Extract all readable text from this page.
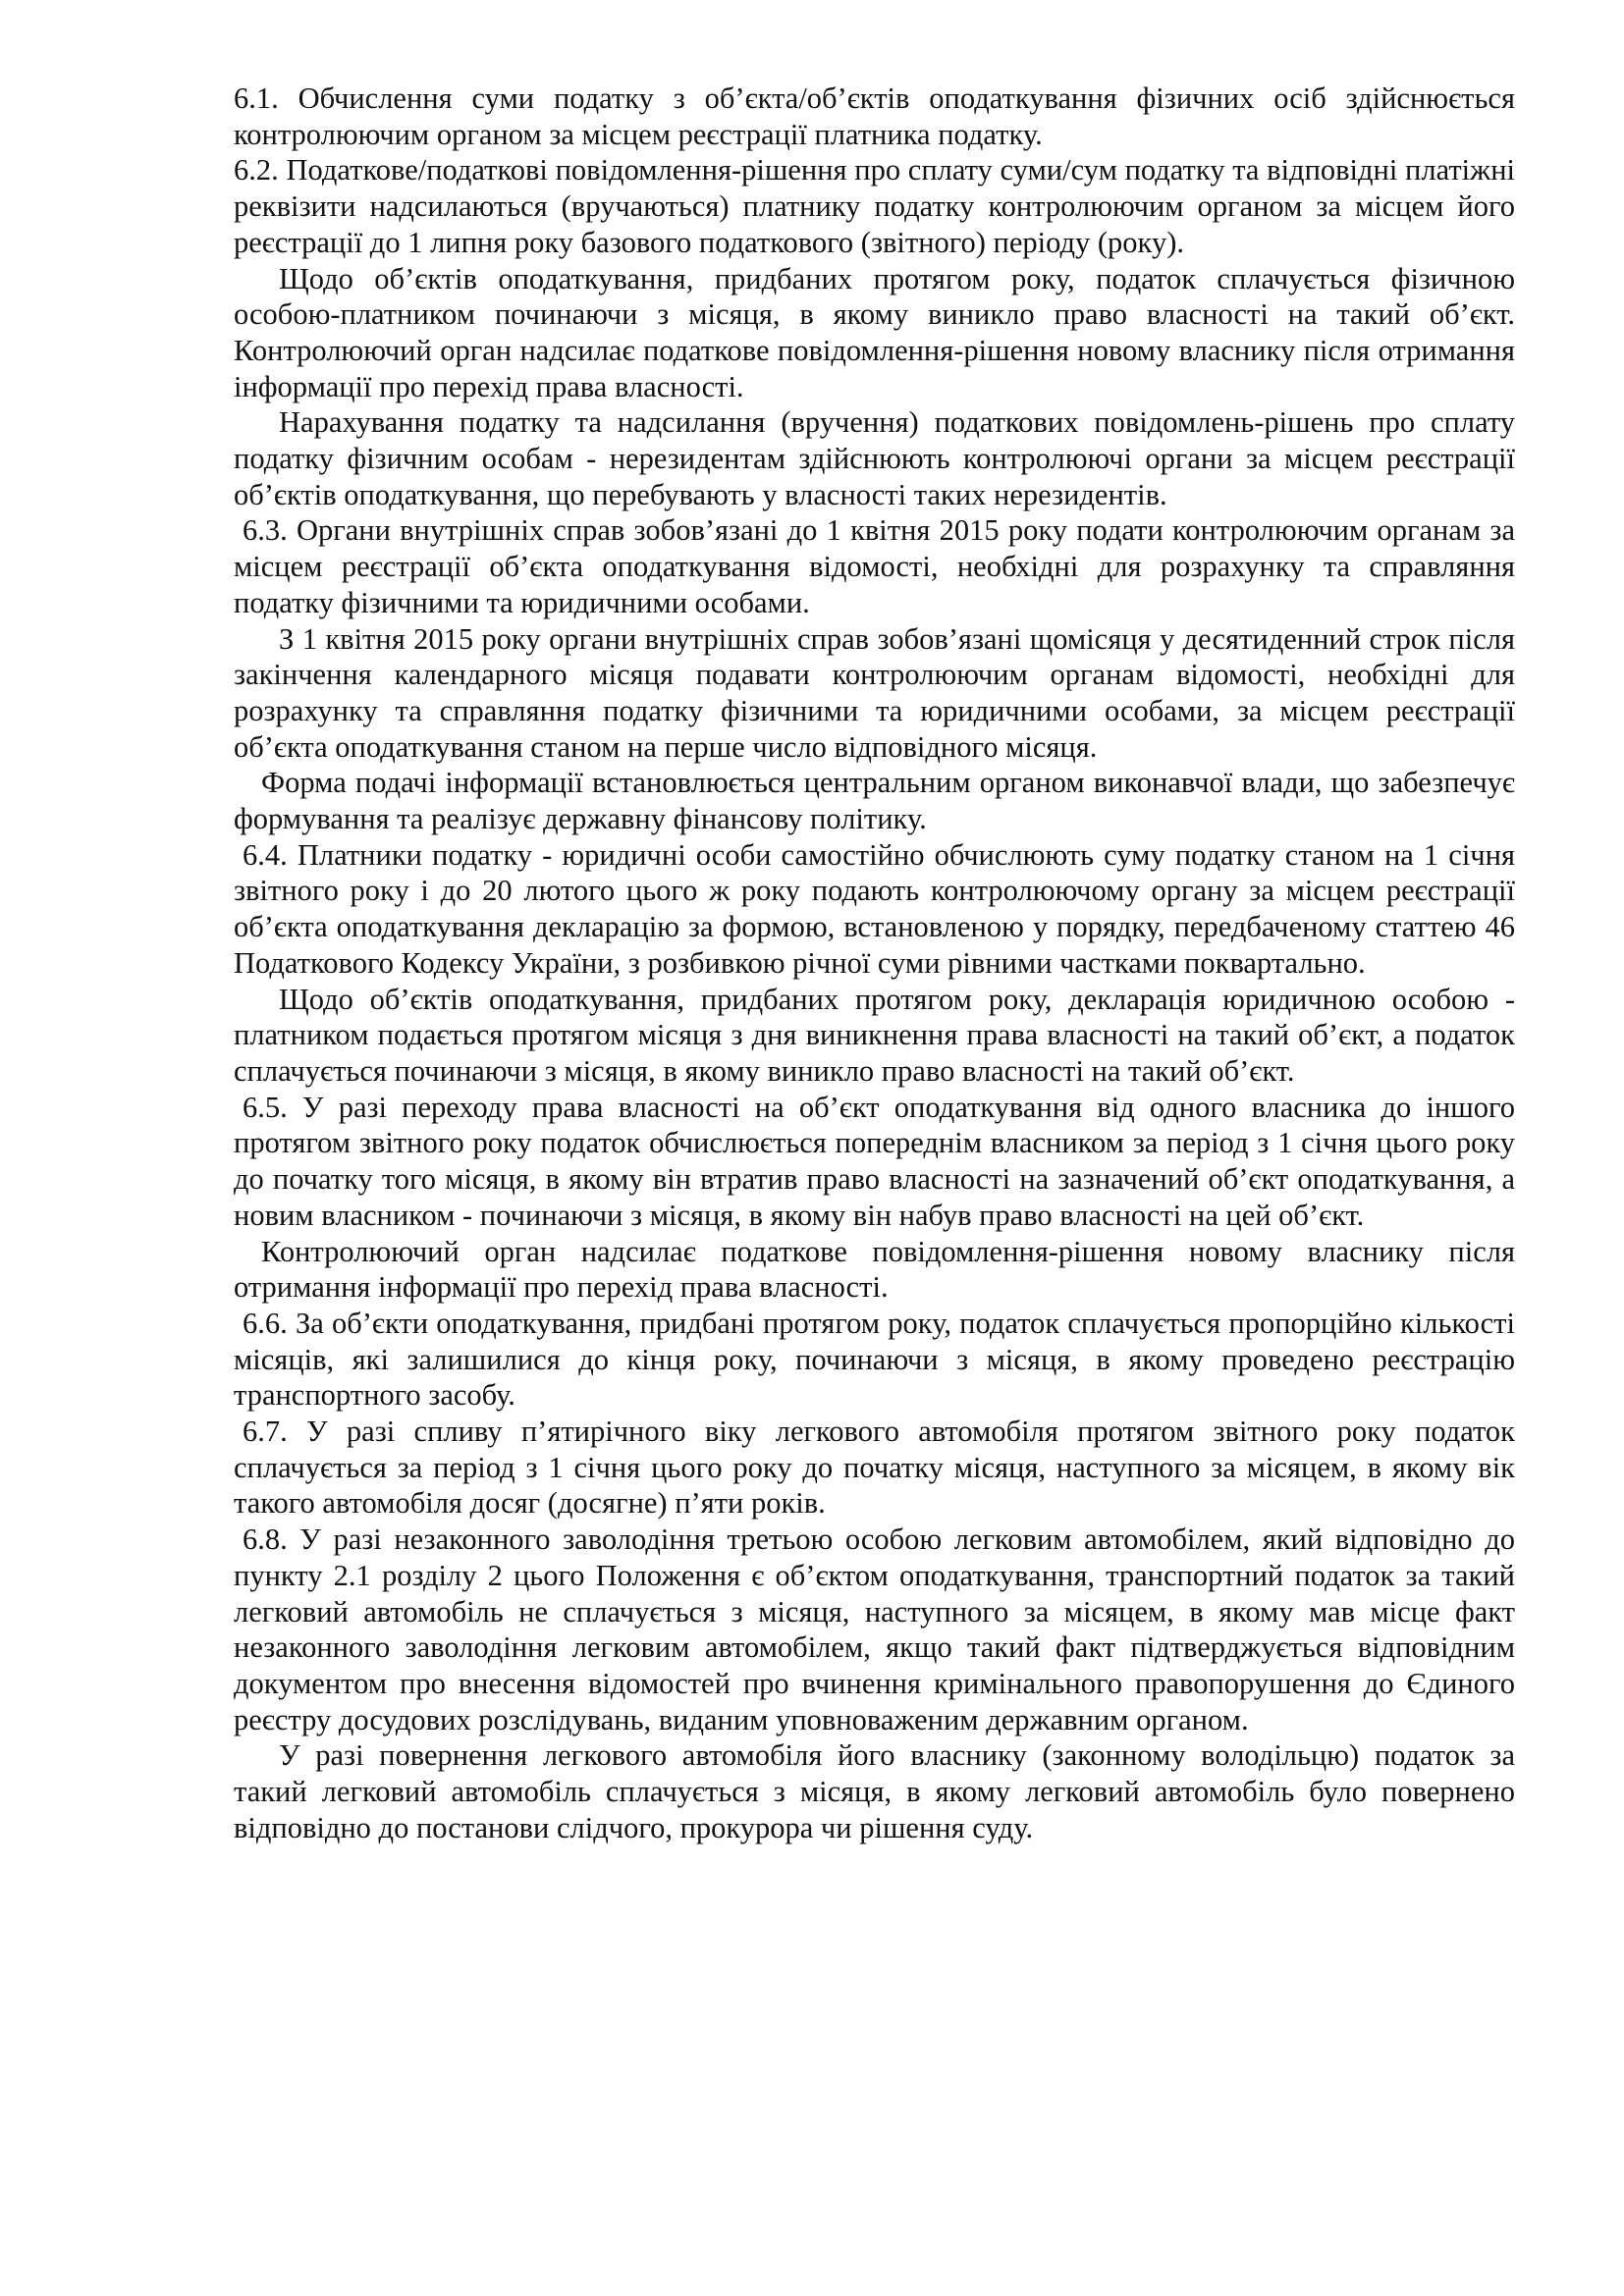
6.1. Обчислення суми податку з об’єкта/об’єктів оподаткування фізичних осіб здійснюється контролюючим органом за місцем реєстрації платника податку.

6.2. Податкове/податкові повідомлення-рішення про сплату суми/сум податку та відповідні платіжні реквізити надсилаються (вручаються) платнику податку контролюючим органом за місцем його реєстрації до 1 липня року базового податкового (звітного) періоду (року).

Щодо об’єктів оподаткування, придбаних протягом року, податок сплачується фізичною особою-платником починаючи з місяця, в якому виникло право власності на такий об’єкт. Контролюючий орган надсилає податкове повідомлення-рішення новому власнику після отримання інформації про перехід права власності.

Нарахування податку та надсилання (вручення) податкових повідомлень-рішень про сплату податку фізичним особам - нерезидентам здійснюють контролюючі органи за місцем реєстрації об’єктів оподаткування, що перебувають у власності таких нерезидентів.

6.3. Органи внутрішніх справ зобов’язані до 1 квітня 2015 року подати контролюючим органам за місцем реєстрації об’єкта оподаткування відомості, необхідні для розрахунку та справляння податку фізичними та юридичними особами.

З 1 квітня 2015 року органи внутрішніх справ зобов’язані щомісяця у десятиденний строк після закінчення календарного місяця подавати контролюючим органам відомості, необхідні для розрахунку та справляння податку фізичними та юридичними особами, за місцем реєстрації об’єкта оподаткування станом на перше число відповідного місяця.

Форма подачі інформації встановлюється центральним органом виконавчої влади, що забезпечує формування та реалізує державну фінансову політику.

6.4. Платники податку - юридичні особи самостійно обчислюють суму податку станом на 1 січня звітного року і до 20 лютого цього ж року подають контролюючому органу за місцем реєстрації об’єкта оподаткування декларацію за формою, встановленою у порядку, передбаченому статтею 46 Податкового Кодексу України, з розбивкою річної суми рівними частками поквартально.

Щодо об’єктів оподаткування, придбаних протягом року, декларація юридичною особою - платником подається протягом місяця з дня виникнення права власності на такий об’єкт, а податок сплачується починаючи з місяця, в якому виникло право власності на такий об’єкт.

6.5. У разі переходу права власності на об’єкт оподаткування від одного власника до іншого протягом звітного року податок обчислюється попереднім власником за період з 1 січня цього року до початку того місяця, в якому він втратив право власності на зазначений об’єкт оподаткування, а новим власником - починаючи з місяця, в якому він набув право власності на цей об’єкт.

Контролюючий орган надсилає податкове повідомлення-рішення новому власнику після отримання інформації про перехід права власності.

6.6. За об’єкти оподаткування, придбані протягом року, податок сплачується пропорційно кількості місяців, які залишилися до кінця року, починаючи з місяця, в якому проведено реєстрацію транспортного засобу.

6.7. У разі спливу п’ятирічного віку легкового автомобіля протягом звітного року податок сплачується за період з 1 січня цього року до початку місяця, наступного за місяцем, в якому вік такого автомобіля досяг (досягне) п’яти років.

6.8. У разі незаконного заволодіння третьою особою легковим автомобілем, який відповідно до пункту 2.1 розділу 2 цього Положення є об’єктом оподаткування, транспортний податок за такий легковий автомобіль не сплачується з місяця, наступного за місяцем, в якому мав місце факт незаконного заволодіння легковим автомобілем, якщо такий факт підтверджується відповідним документом про внесення відомостей про вчинення кримінального правопорушення до Єдиного реєстру досудових розслідувань, виданим уповноваженим державним органом.

У разі повернення легкового автомобіля його власнику (законному володільцю) податок за такий легковий автомобіль сплачується з місяця, в якому легковий автомобіль було повернено відповідно до постанови слідчого, прокурора чи рішення суду.
